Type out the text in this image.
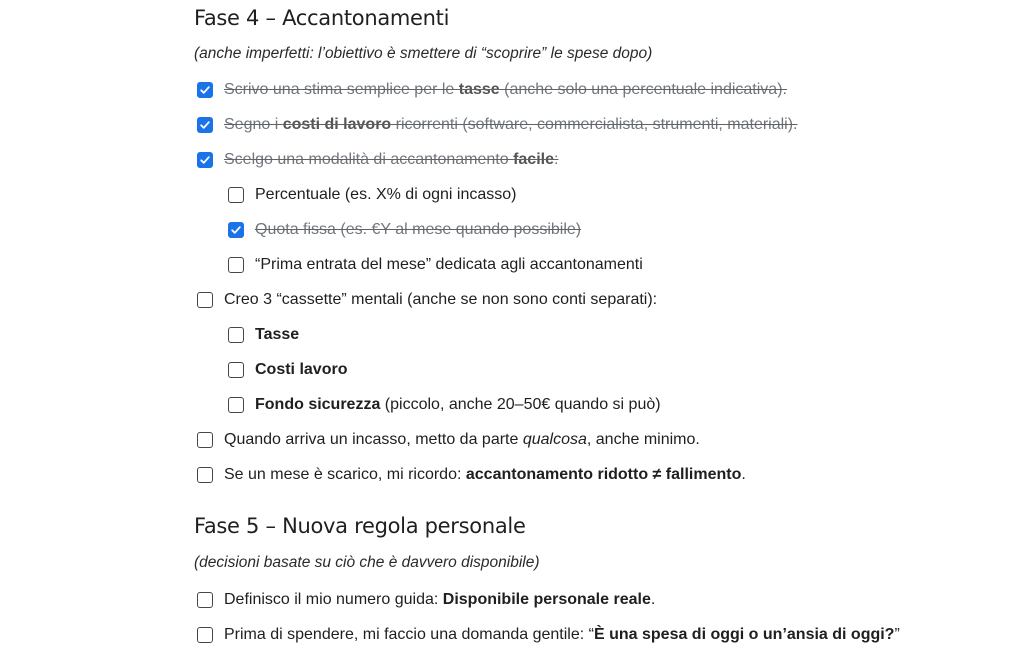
Fase 4 – Accantonamenti
(anche imperfetti: l’obiettivo è smettere di “scoprire” le spese dopo)
Fase 5 – Nuova regola personale
(decisioni basate su ciò che è davvero disponibile)
Scrivo una stima semplice per le tasse (anche solo una percentuale indicativa).
Segno i costi di lavoro ricorrenti (software, commercialista, strumenti, materiali).
Scelgo una modalità di accantonamento facile:
Percentuale (es. X% di ogni incasso)
Quota fissa (es. €Y al mese quando possibile)
“Prima entrata del mese” dedicata agli accantonamenti
Creo 3 “cassette” mentali (anche se non sono conti separati):
Tasse
Costi lavoro
Fondo sicurezza (piccolo, anche 20–50€ quando si può)
Quando arriva un incasso, metto da parte qualcosa, anche minimo.
Se un mese è scarico, mi ricordo: accantonamento ridotto ≠ fallimento.
Definisco il mio numero guida: Disponibile personale reale.
Prima di spendere, mi faccio una domanda gentile: “È una spesa di oggi o un’ansia di oggi?”
